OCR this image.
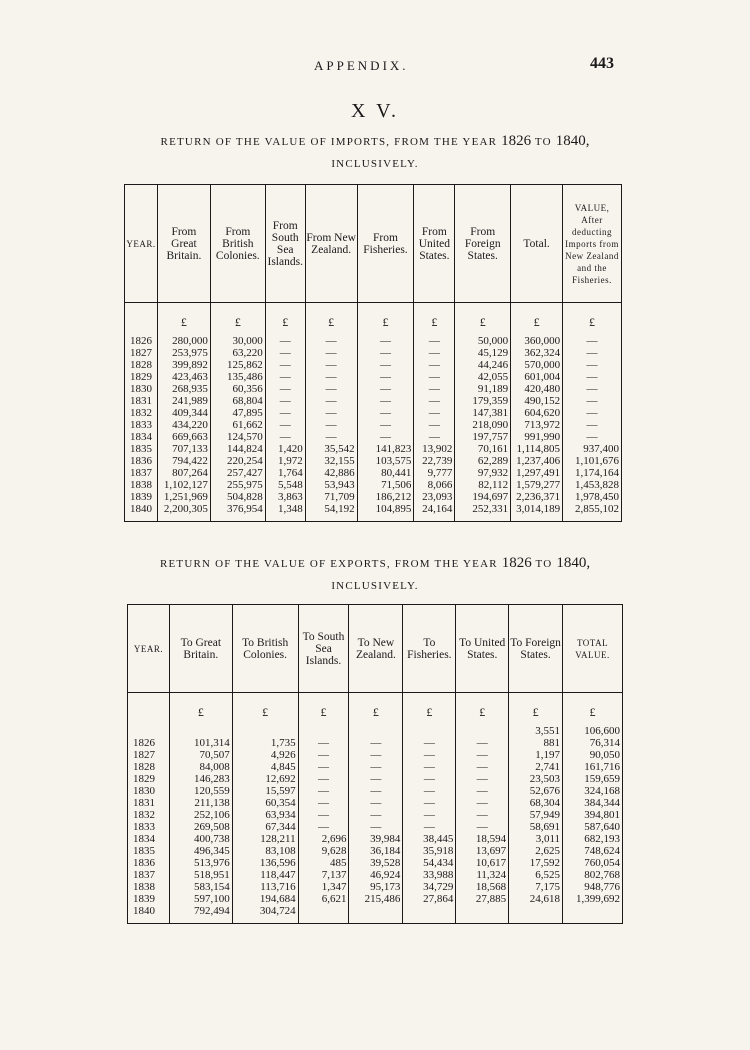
APPENDIX.	443
X V.
RETURN OF THE VALUE OF IMPORTS, FROM THE YEAR 1826 TO 1840,
INCLUSIVELY.
YEAR.	From Great Britain.	From British Colonies.	From South Sea Islands.	From New Zealand.	From Fisheries.	From United States.	From Foreign States.	Total.	VALUE, After deducting Imports from New Zealand and the Fisheries.

	£	£	£	£	£	£	£	£	£
1826	280,000	30,000	—	—	—	—	50,000	360,000	—
1827	253,975	63,220	—	—	—	—	45,129	362,324	—
1828	399,892	125,862	—	—	—	—	44,246	570,000	—
1829	423,463	135,486	—	—	—	—	42,055	601,004	—
1830	268,935	60,356	—	—	—	—	91,189	420,480	—
1831	241,989	68,804	—	—	—	—	179,359	490,152	—
1832	409,344	47,895	—	—	—	—	147,381	604,620	—
1833	434,220	61,662	—	—	—	—	218,090	713,972	—
1834	669,663	124,570	—	—	—	—	197,757	991,990	—
1835	707,133	144,824	1,420	35,542	141,823	13,902	70,161	1,114,805	937,400
1836	794,422	220,254	1,972	32,155	103,575	22,739	62,289	1,237,406	1,101,676
1837	807,264	257,427	1,764	42,886	80,441	9,777	97,932	1,297,491	1,174,164
1838	1,102,127	255,975	5,548	53,943	71,506	8,066	82,112	1,579,277	1,453,828
1839	1,251,969	504,828	3,863	71,709	186,212	23,093	194,697	2,236,371	1,978,450
1840	2,200,305	376,954	1,348	54,192	104,895	24,164	252,331	3,014,189	2,855,102

RETURN OF THE VALUE OF EXPORTS, FROM THE YEAR 1826 TO 1840,
INCLUSIVELY.
YEAR.	To Great Britain.	To British Colonies.	To South Sea Islands.	To New Zealand.	To Fisheries.	To United States.	To Foreign States.	TOTAL VALUE.

	£	£	£	£	£	£	£	£
							3,551	106,600
1826	101,314	1,735	—	—	—	—	881	76,314
1827	70,507	4,926	—	—	—	—	1,197	90,050
1828	84,008	4,845	—	—	—	—	2,741	161,716
1829	146,283	12,692	—	—	—	—	23,503	159,659
1830	120,559	15,597	—	—	—	—	52,676	324,168
1831	211,138	60,354	—	—	—	—	68,304	384,344
1832	252,106	63,934	—	—	—	—	57,949	394,801
1833	269,508	67,344	—	—	—	—	58,691	587,640
1834	400,738	128,211	2,696	39,984	38,445	18,594	3,011	682,193
1835	496,345	83,108	9,628	36,184	35,918	13,697	2,625	748,624
1836	513,976	136,596	485	39,528	54,434	10,617	17,592	760,054
1837	518,951	118,447	7,137	46,924	33,988	11,324	6,525	802,768
1838	583,154	113,716	1,347	95,173	34,729	18,568	7,175	948,776
1839	597,100	194,684	6,621	215,486	27,864	27,885	24,618	1,399,692
1840	792,494	304,724						
